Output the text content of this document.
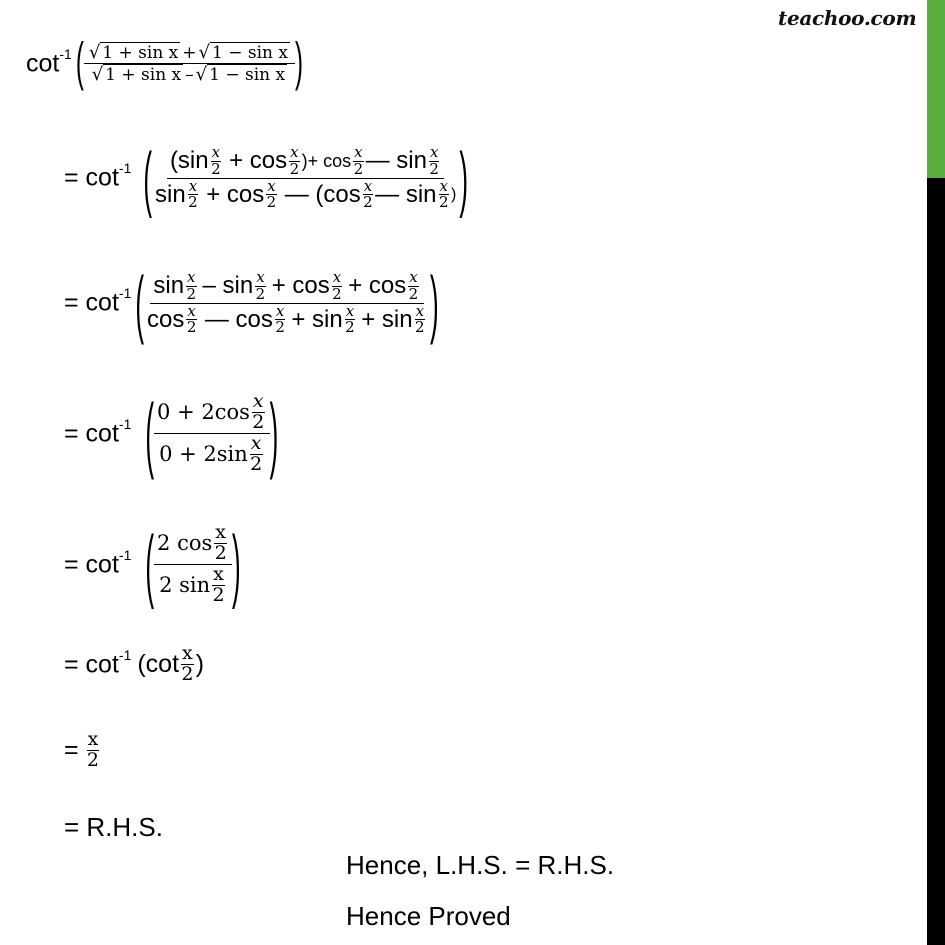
teachoo.com
$\cot^{-1}$ ( $\frac{\text{√ 1 + sin x + √ 1 − sin x}}{\text{√ 1 + sin x – √ 1 − sin x}}$ )
= $\cot^{-1}$ ( (sin x
2 + cos x
2 )+ cos x
2 — sin x
2
sin x
2 + cos x
2 — (cos x
2 — sin x
2 ) )
= $\cot^{-1}$ ( sin x
2 – sin x
2 + cos x
2 + cos x
2
cos x
2 — cos x
2 + sin x
2 + sin x
2 )
= $\cot^{-1}$ ( 0 + 2cos x
2
0 + 2sin x
2 )
= $\cot^{-1}$ ( 2 cos x
2
2 sin x
2 )
= $\cot^{-1} (\cot$ x
2 )
= $\frac{x}{2}$
= R.H.S.
Hence, L.H.S. = R.H.S.
Hence Proved
